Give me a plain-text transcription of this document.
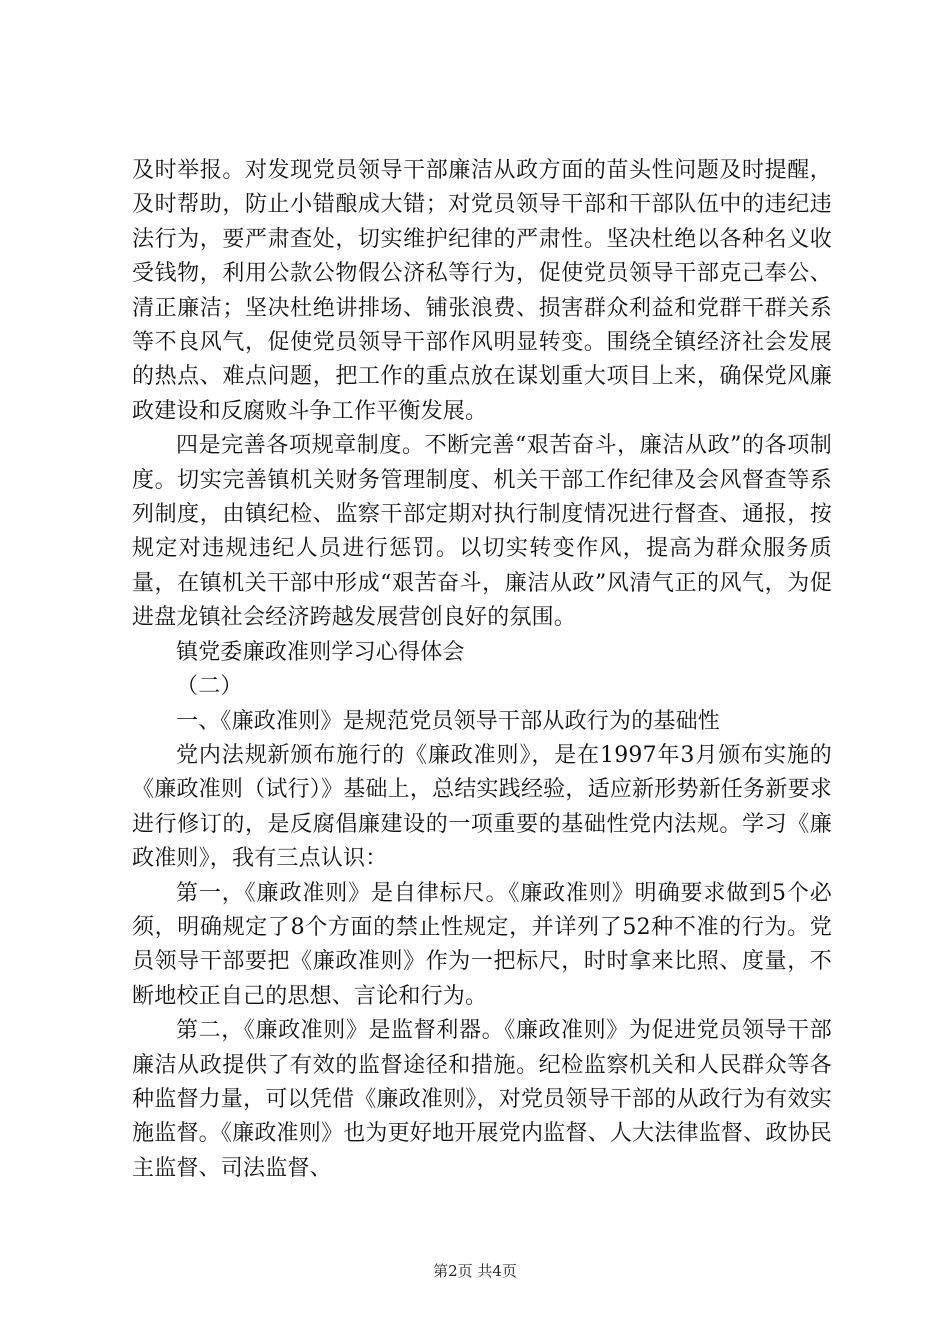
及时举报。对发现党员领导干部廉洁从政方面的苗头性问题及时提醒，及时帮助，防止小错酿成大错；对党员领导干部和干部队伍中的违纪违法行为，要严肃查处，切实维护纪律的严肃性。坚决杜绝以各种名义收受钱物，利用公款公物假公济私等行为，促使党员领导干部克己奉公、清正廉洁；坚决杜绝讲排场、铺张浪费、损害群众利益和党群干群关系等不良风气，促使党员领导干部作风明显转变。围绕全镇经济社会发展的热点、难点问题，把工作的重点放在谋划重大项目上来，确保党风廉政建设和反腐败斗争工作平衡发展。

四是完善各项规章制度。不断完善“艰苦奋斗，廉洁从政”的各项制度。切实完善镇机关财务管理制度、机关干部工作纪律及会风督查等系列制度，由镇纪检、监察干部定期对执行制度情况进行督查、通报，按规定对违规违纪人员进行惩罚。以切实转变作风，提高为群众服务质量，在镇机关干部中形成“艰苦奋斗，廉洁从政”风清气正的风气，为促进盘龙镇社会经济跨越发展营创良好的氛围。

镇党委廉政准则学习心得体会

（二）

一、《廉政准则》是规范党员领导干部从政行为的基础性

党内法规新颁布施行的《廉政准则》，是在1997年3月颁布实施的《廉政准则（试行）》基础上，总结实践经验，适应新形势新任务新要求进行修订的，是反腐倡廉建设的一项重要的基础性党内法规。学习《廉政准则》，我有三点认识：

第一，《廉政准则》是自律标尺。《廉政准则》明确要求做到5个必须，明确规定了8个方面的禁止性规定，并详列了52种不准的行为。党员领导干部要把《廉政准则》作为一把标尺，时时拿来比照、度量，不断地校正自己的思想、言论和行为。

第二，《廉政准则》是监督利器。《廉政准则》为促进党员领导干部廉洁从政提供了有效的监督途径和措施。纪检监察机关和人民群众等各种监督力量，可以凭借《廉政准则》，对党员领导干部的从政行为有效实施监督。《廉政准则》也为更好地开展党内监督、人大法律监督、政协民主监督、司法监督、

第2页 共4页
